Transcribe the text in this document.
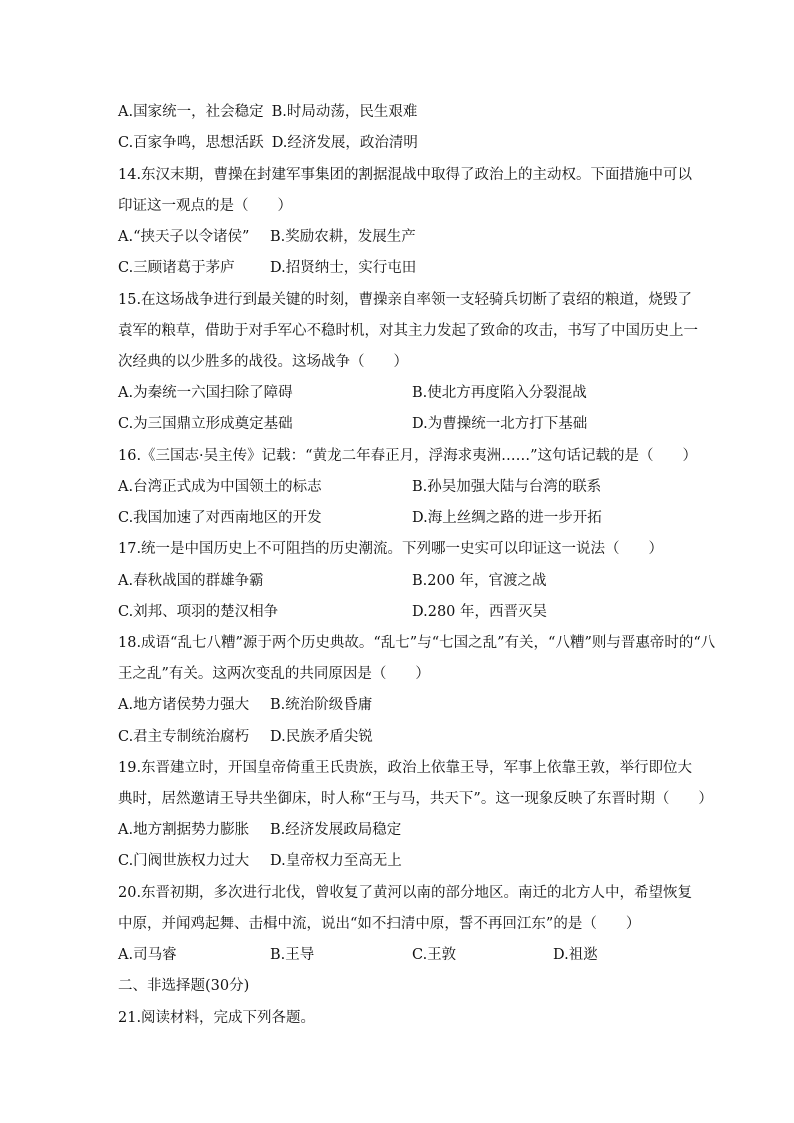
A.国家统一，社会稳定 B.时局动荡，民生艰难
C.百家争鸣，思想活跃 D.经济发展，政治清明
14.东汉末期，曹操在封建军事集团的割据混战中取得了政治上的主动权。下面措施中可以
印证这一观点的是（　　）
A.“挟天子以令诸侯” B.奖励农耕，发展生产
C.三顾诸葛于茅庐 D.招贤纳士，实行屯田
15.在这场战争进行到最关键的时刻，曹操亲自率领一支轻骑兵切断了袁绍的粮道，烧毁了
袁军的粮草，借助于对手军心不稳时机，对其主力发起了致命的攻击，书写了中国历史上一
次经典的以少胜多的战役。这场战争（　　）
A.为秦统一六国扫除了障碍	B.使北方再度陷入分裂混战
C.为三国鼎立形成奠定基础	D.为曹操统一北方打下基础
16.《三国志·吴主传》记载：“黄龙二年春正月，浮海求夷洲……”这句话记载的是（　　）
A.台湾正式成为中国领土的标志	B.孙吴加强大陆与台湾的联系
C.我国加速了对西南地区的开发	D.海上丝绸之路的进一步开拓
17.统一是中国历史上不可阻挡的历史潮流。下列哪一史实可以印证这一说法（　　）
A.春秋战国的群雄争霸	B.200 年，官渡之战
C.刘邦、项羽的楚汉相争	D.280 年，西晋灭吴
18.成语“乱七八糟”源于两个历史典故。“乱七”与“七国之乱”有关，“八糟”则与晋惠帝时的“八
王之乱”有关。这两次变乱的共同原因是（　　）
A.地方诸侯势力强大 B.统治阶级昏庸
C.君主专制统治腐朽 D.民族矛盾尖锐
19.东晋建立时，开国皇帝倚重王氏贵族，政治上依靠王导，军事上依靠王敦，举行即位大
典时，居然邀请王导共坐御床，时人称“王与马，共天下”。这一现象反映了东晋时期（　　）
A.地方割据势力膨胀 B.经济发展政局稳定
C.门阀世族权力过大 D.皇帝权力至高无上
20.东晋初期，多次进行北伐，曾收复了黄河以南的部分地区。南迁的北方人中，希望恢复
中原，并闻鸡起舞、击楫中流，说出“如不扫清中原，誓不再回江东”的是（　　）
A.司马睿	B.王导	C.王敦	D.祖逖
二、非选择题(30分)
21.阅读材料，完成下列各题。
